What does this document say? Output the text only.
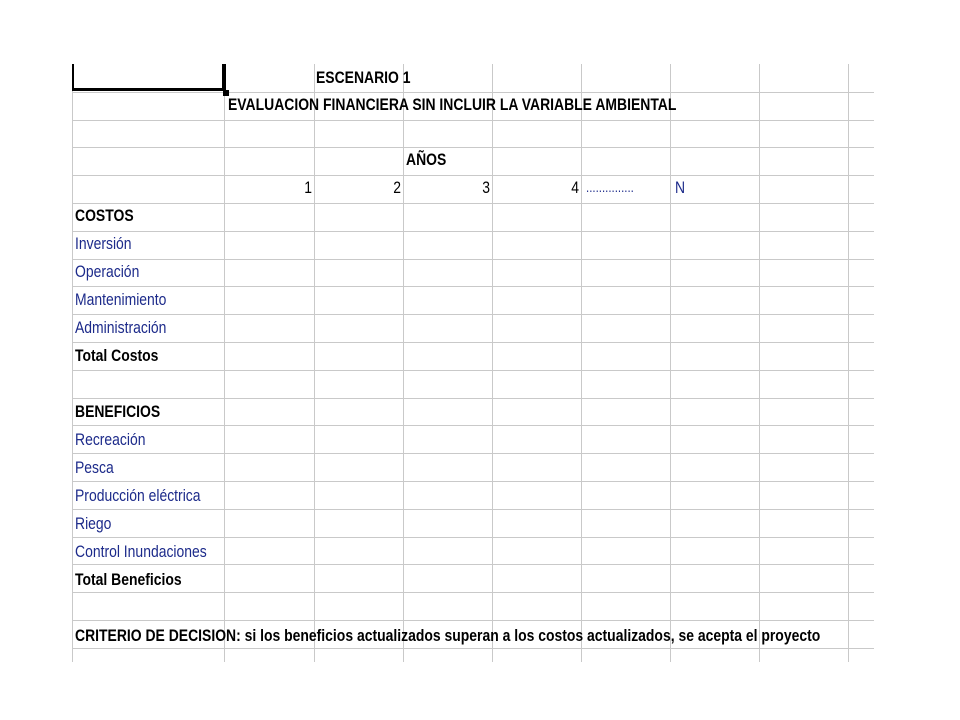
ESCENARIO 1
EVALUACION FINANCIERA SIN INCLUIR LA VARIABLE AMBIENTAL
AÑOS
1	2	3	4 ............... N
COSTOS
Inversión
Operación
Mantenimiento
Administración
Total Costos
BENEFICIOS
Recreación
Pesca
Producción eléctrica
Riego
Control Inundaciones
Total Beneficios
CRITERIO DE DECISION: si los beneficios actualizados superan a los costos actualizados, se acepta el proyecto
